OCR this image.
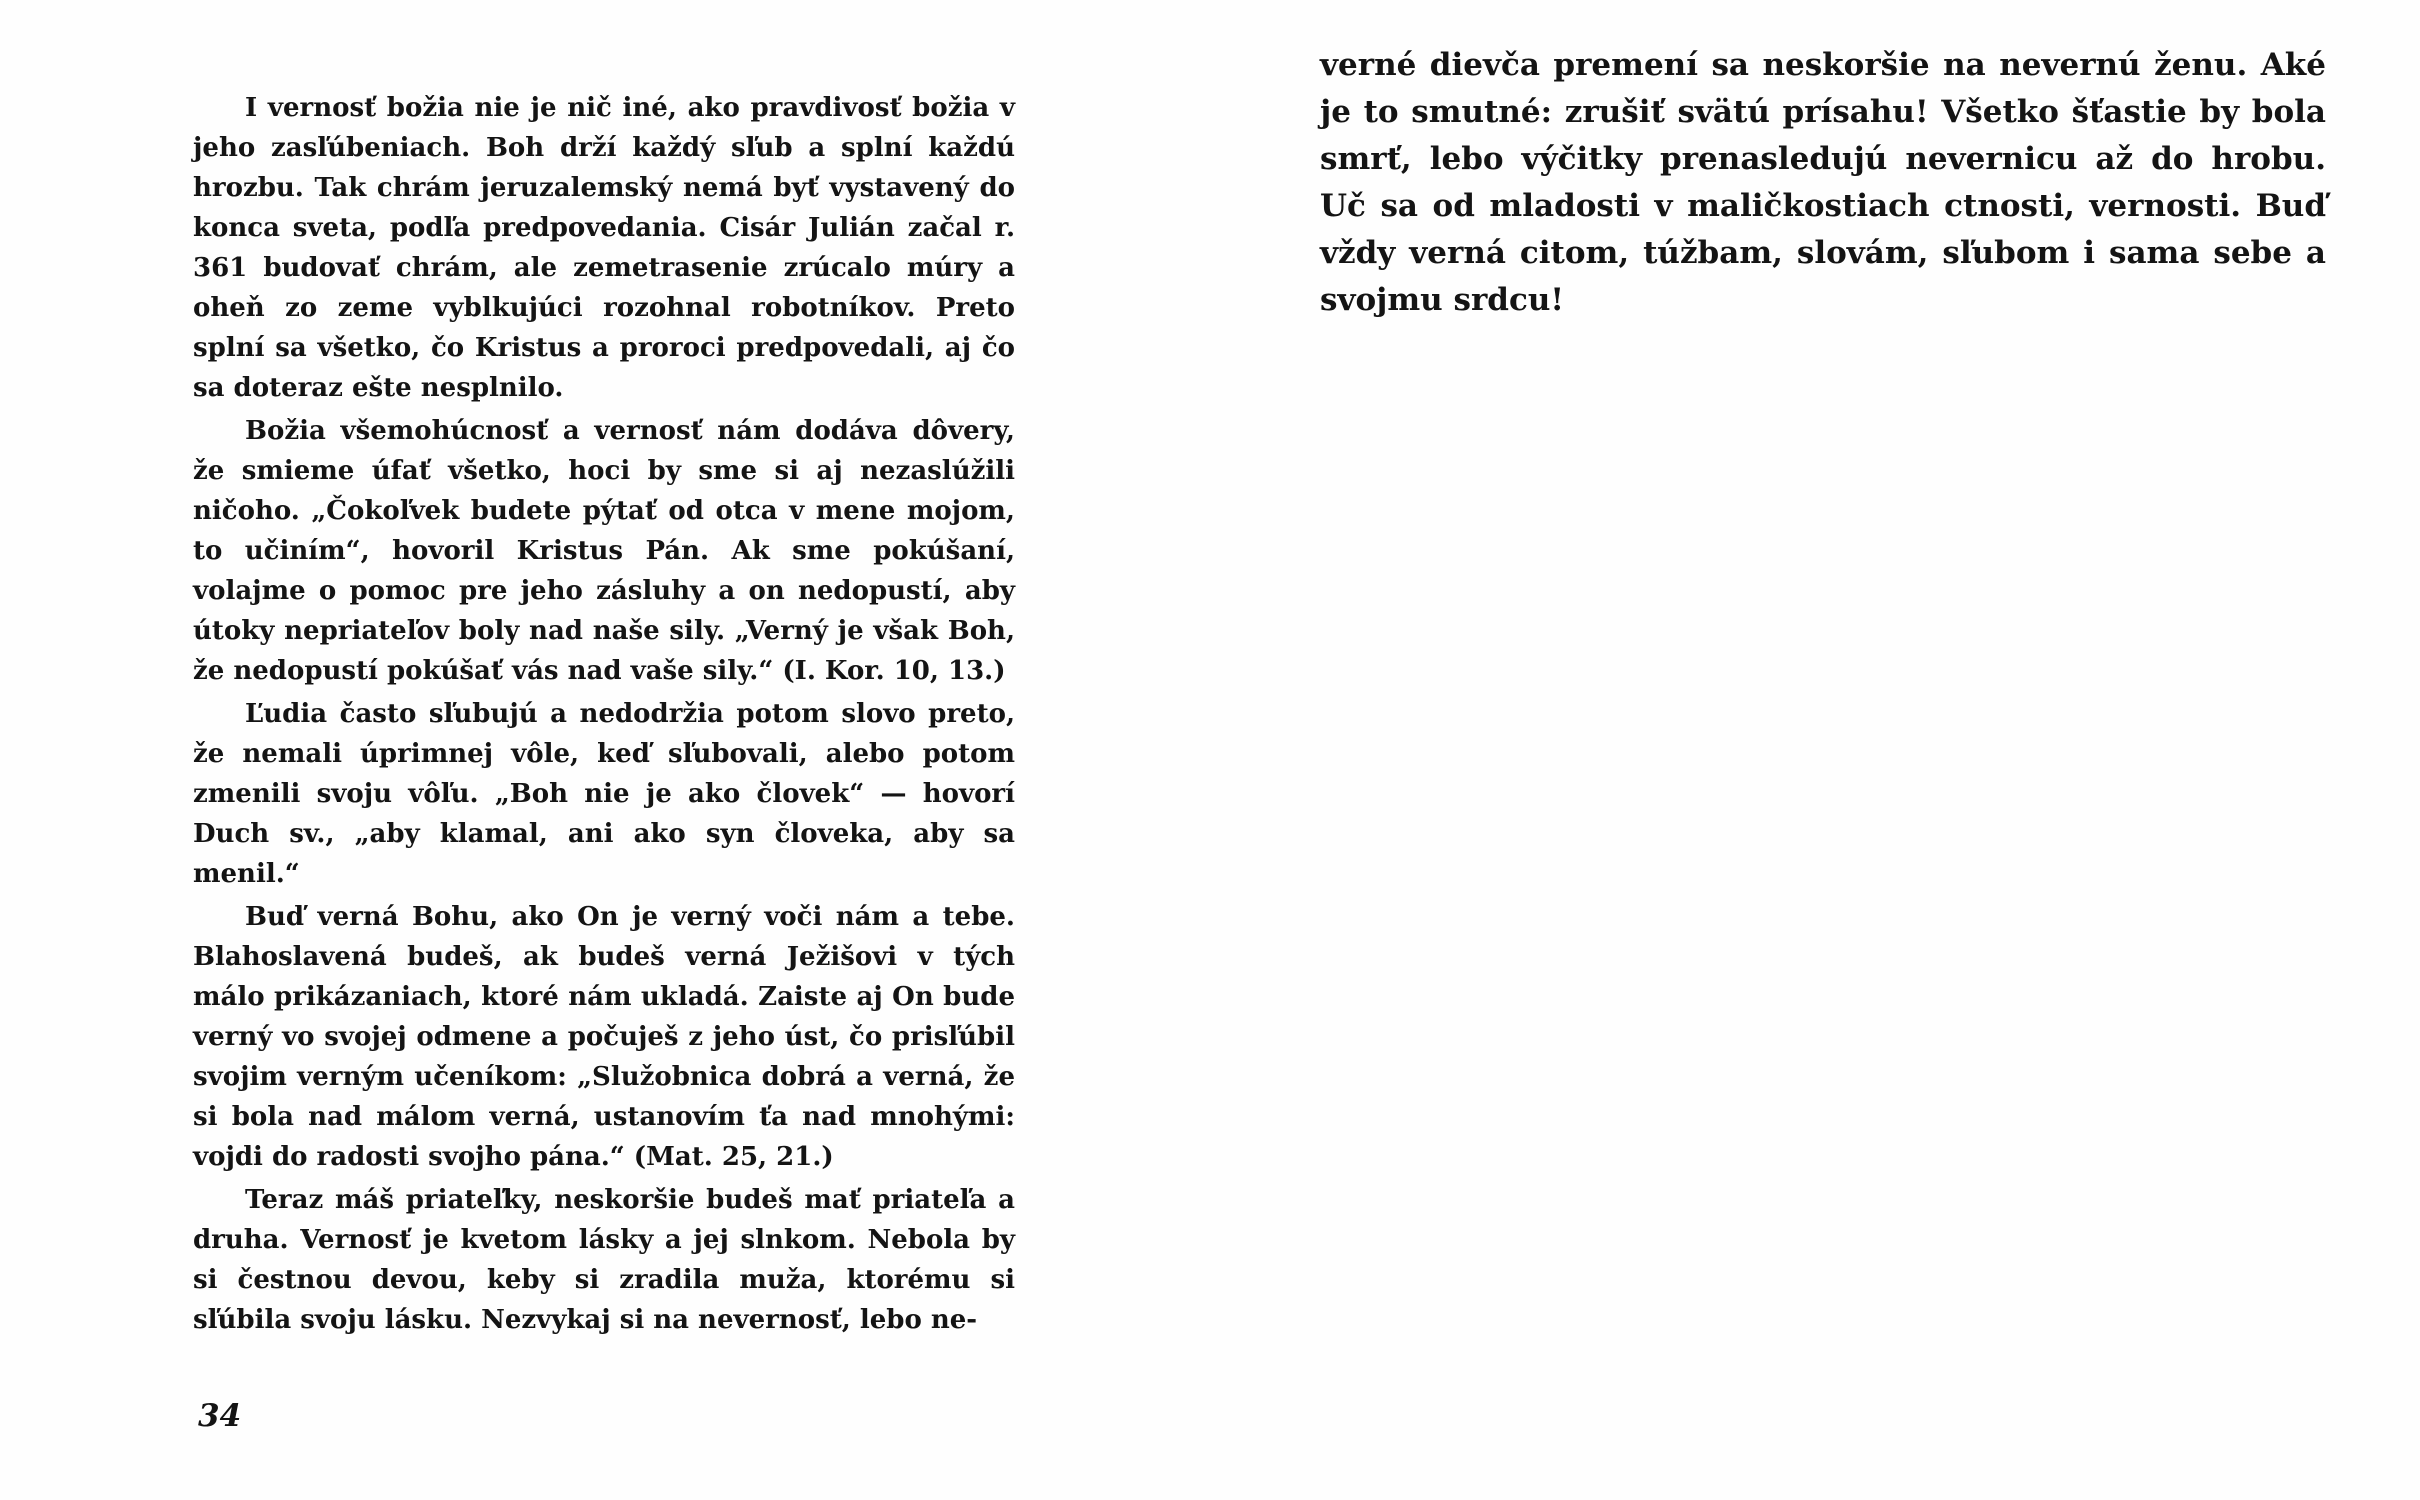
I vernosť božia nie je nič iné, ako pravdivosť božia v jeho zasľúbeniach. Boh drží každý sľub a splní každú hrozbu. Tak chrám jeruzalemský nemá byť vystavený do konca sveta, podľa predpovedania. Cisár Julián začal r. 361 budovať chrám, ale zemetrasenie zrúcalo múry a oheň zo zeme vyblkujúci rozohnal robotníkov. Preto splní sa všetko, čo Kristus a proroci predpovedali, aj čo sa doteraz ešte nesplnilo.

Božia všemohúcnosť a vernosť nám dodáva dôvery, že smieme úfať všetko, hoci by sme si aj nezaslúžili ničoho. „Čokoľvek budete pýtať od otca v mene mojom, to učiním“, hovoril Kristus Pán. Ak sme pokúšaní, volajme o pomoc pre jeho zásluhy a on nedopustí, aby útoky nepriateľov boly nad naše sily. „Verný je však Boh, že nedopustí pokúšať vás nad vaše sily.“ (I. Kor. 10, 13.)

Ľudia často sľubujú a nedodržia potom slovo preto, že nemali úprimnej vôle, keď sľubovali, alebo potom zmenili svoju vôľu. „Boh nie je ako človek“ — hovorí Duch sv., „aby klamal, ani ako syn človeka, aby sa menil.“

Buď verná Bohu, ako On je verný voči nám a tebe. Blahoslavená budeš, ak budeš verná Ježišovi v tých málo prikázaniach, ktoré nám ukladá. Zaiste aj On bude verný vo svojej odmene a počuješ z jeho úst, čo prisľúbil svojim verným učeníkom: „Služobnica dobrá a verná, že si bola nad málom verná, ustanovím ťa nad mnohými: vojdi do radosti svojho pána.“ (Mat. 25, 21.)

Teraz máš priateľky, neskoršie budeš mať priateľa a druha. Vernosť je kvetom lásky a jej slnkom. Nebola by si čestnou devou, keby si zradila muža, ktorému si sľúbila svoju lásku. Nezvykaj si na nevernosť, lebo ne-

34

verné dievča premení sa neskoršie na nevernú ženu. Aké je to smutné: zrušiť svätú prísahu! Všetko šťastie by bola smrť, lebo výčitky prenasledujú nevernicu až do hrobu. Uč sa od mladosti v maličkostiach ctnosti, vernosti. Buď vždy verná citom, túžbam, slovám, sľubom i sama sebe a svojmu srdcu!
